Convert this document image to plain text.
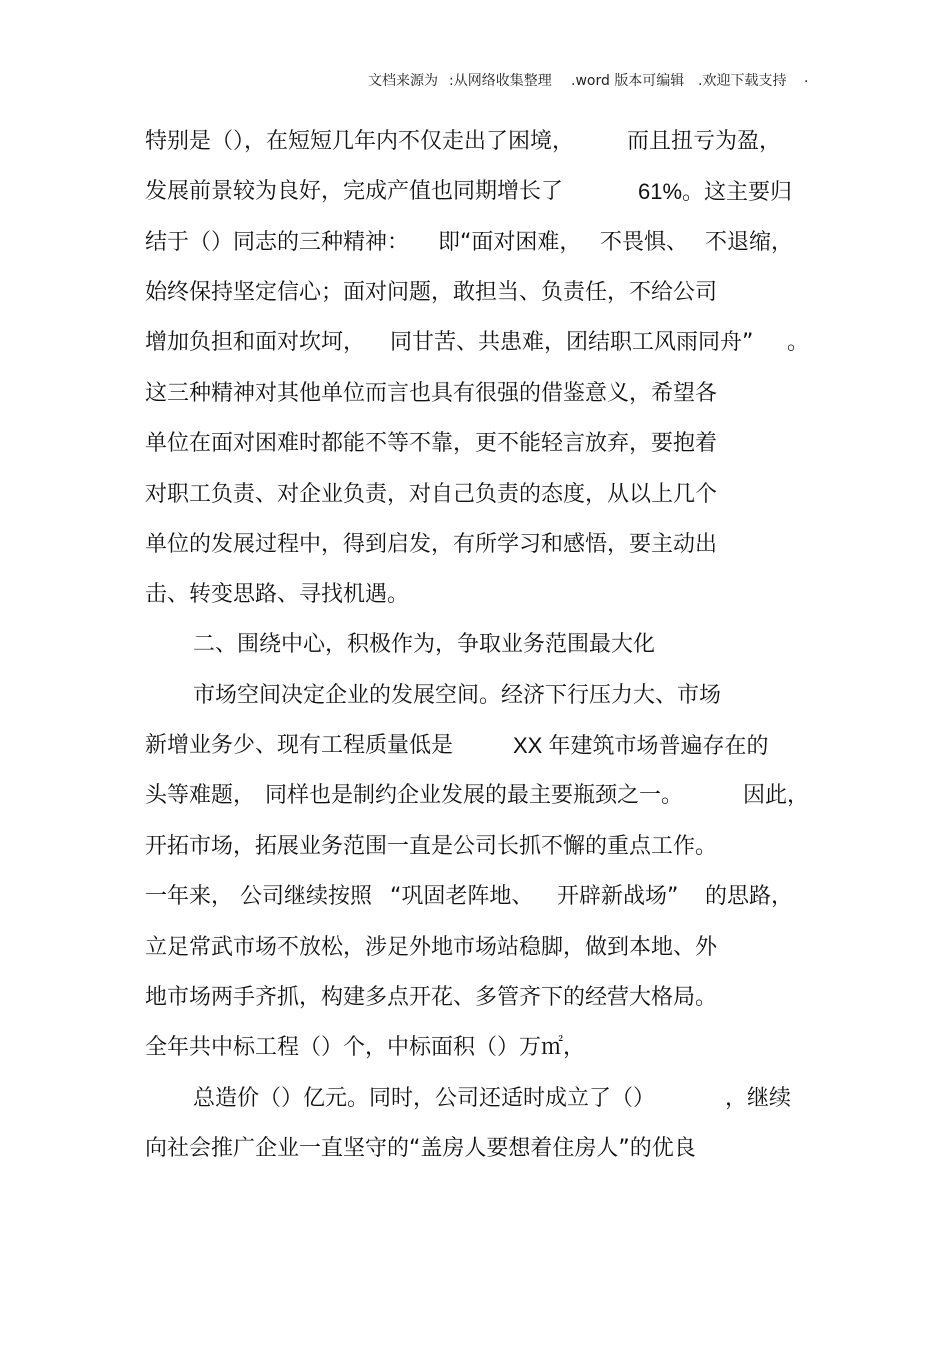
文档来源为 :从网络收集整理 .word 版本可编辑 .欢迎下载支持 .
特别是（），在短短几年内不仅走出了困境， 而且扭亏为盈，
发展前景较为良好，完成产值也同期增长了	61%。这主要归
结于（）同志的三种精神： 即“面对困难， 不畏惧、 不退缩，
始终保持坚定信心；面对问题，敢担当、负责任，不给公司
增加负担和面对坎坷， 同甘苦、共患难，团结职工风雨同舟” 。
这三种精神对其他单位而言也具有很强的借鉴意义，希望各
单位在面对困难时都能不等不靠，更不能轻言放弃，要抱着
对职工负责、对企业负责，对自己负责的态度，从以上几个
单位的发展过程中，得到启发，有所学习和感悟，要主动出
击、转变思路、寻找机遇。
二、围绕中心，积极作为，争取业务范围最大化
市场空间决定企业的发展空间。经济下行压力大、市场
新增业务少、现有工程质量低是	XX 年建筑市场普遍存在的
头等难题， 同样也是制约企业发展的最主要瓶颈之一。	因此，
开拓市场，拓展业务范围一直是公司长抓不懈的重点工作。
一年来， 公司继续按照 “巩固老阵地、 开辟新战场” 的思路，
立足常武市场不放松，涉足外地市场站稳脚，做到本地、外
地市场两手齐抓，构建多点开花、多管齐下的经营大格局。
全年共中标工程（）个，中标面积（）万㎡，
总造价（）亿元。同时，公司还适时成立了（）	，继续
向社会推广企业一直坚守的“盖房人要想着住房人”的优良
